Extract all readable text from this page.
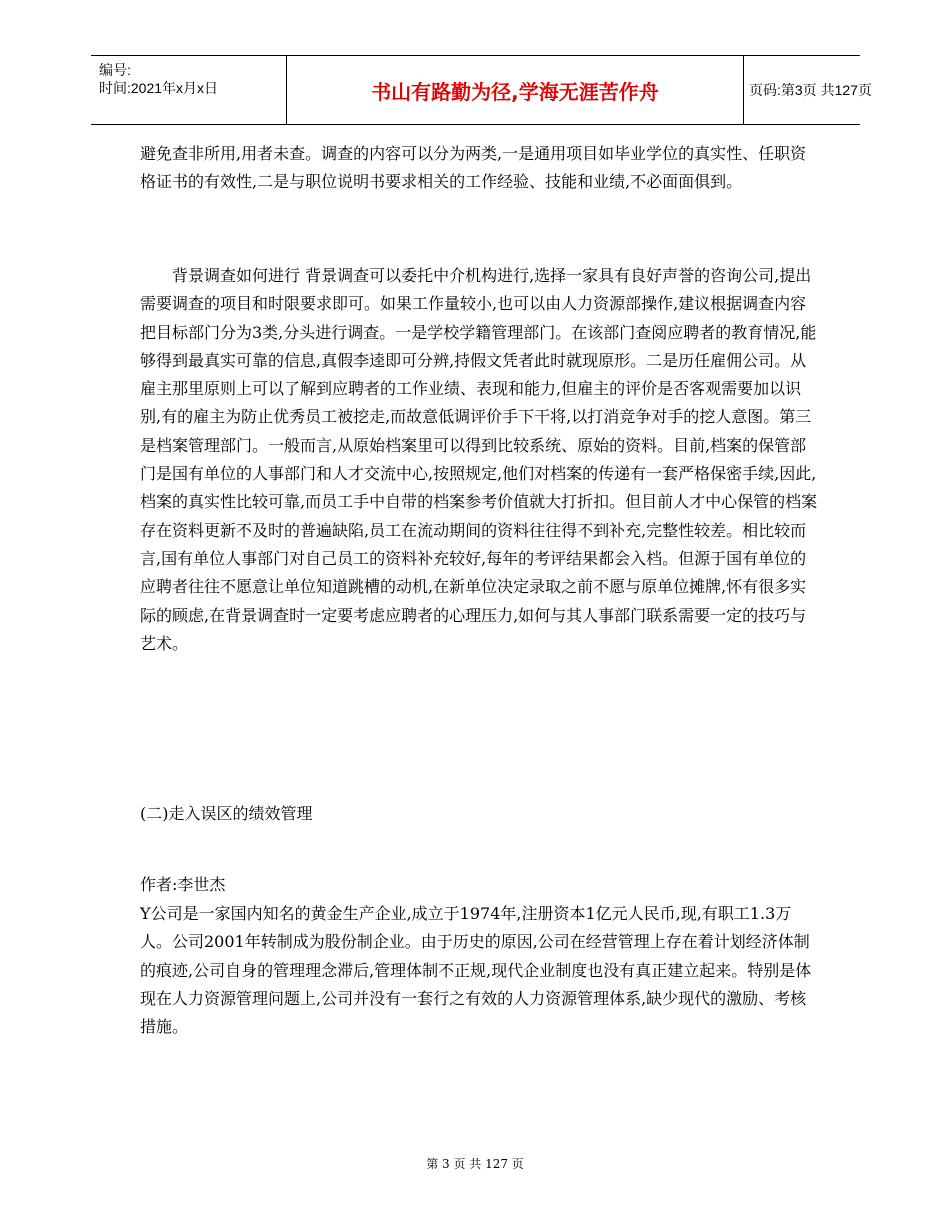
编号:
时间:2021年x月x日	书山有路勤为径,学海无涯苦作舟	页码:第3页 共127页

避免查非所用,用者未查。调查的内容可以分为两类,一是通用项目如毕业学位的真实性、任职资格证书的有效性,二是与职位说明书要求相关的工作经验、技能和业绩,不必面面俱到。

背景调查如何进行 背景调查可以委托中介机构进行,选择一家具有良好声誉的咨询公司,提出需要调查的项目和时限要求即可。如果工作量较小,也可以由人力资源部操作,建议根据调查内容把目标部门分为3类,分头进行调查。一是学校学籍管理部门。在该部门查阅应聘者的教育情况,能够得到最真实可靠的信息,真假李逵即可分辨,持假文凭者此时就现原形。二是历任雇佣公司。从雇主那里原则上可以了解到应聘者的工作业绩、表现和能力,但雇主的评价是否客观需要加以识别,有的雇主为防止优秀员工被挖走,而故意低调评价手下干将,以打消竞争对手的挖人意图。第三是档案管理部门。一般而言,从原始档案里可以得到比较系统、原始的资料。目前,档案的保管部门是国有单位的人事部门和人才交流中心,按照规定,他们对档案的传递有一套严格保密手续,因此,档案的真实性比较可靠,而员工手中自带的档案参考价值就大打折扣。但目前人才中心保管的档案存在资料更新不及时的普遍缺陷,员工在流动期间的资料往往得不到补充,完整性较差。相比较而言,国有单位人事部门对自己员工的资料补充较好,每年的考评结果都会入档。但源于国有单位的应聘者往往不愿意让单位知道跳槽的动机,在新单位决定录取之前不愿与原单位摊牌,怀有很多实际的顾虑,在背景调查时一定要考虑应聘者的心理压力,如何与其人事部门联系需要一定的技巧与艺术。

(二)走入误区的绩效管理

作者:李世杰

Y公司是一家国内知名的黄金生产企业,成立于1974年,注册资本1亿元人民币,现,有职工1.3万人。公司2001年转制成为股份制企业。由于历史的原因,公司在经营管理上存在着计划经济体制的痕迹,公司自身的管理理念滞后,管理体制不正规,现代企业制度也没有真正建立起来。特别是体现在人力资源管理问题上,公司并没有一套行之有效的人力资源管理体系,缺少现代的激励、考核措施。

第 3 页 共 127 页
